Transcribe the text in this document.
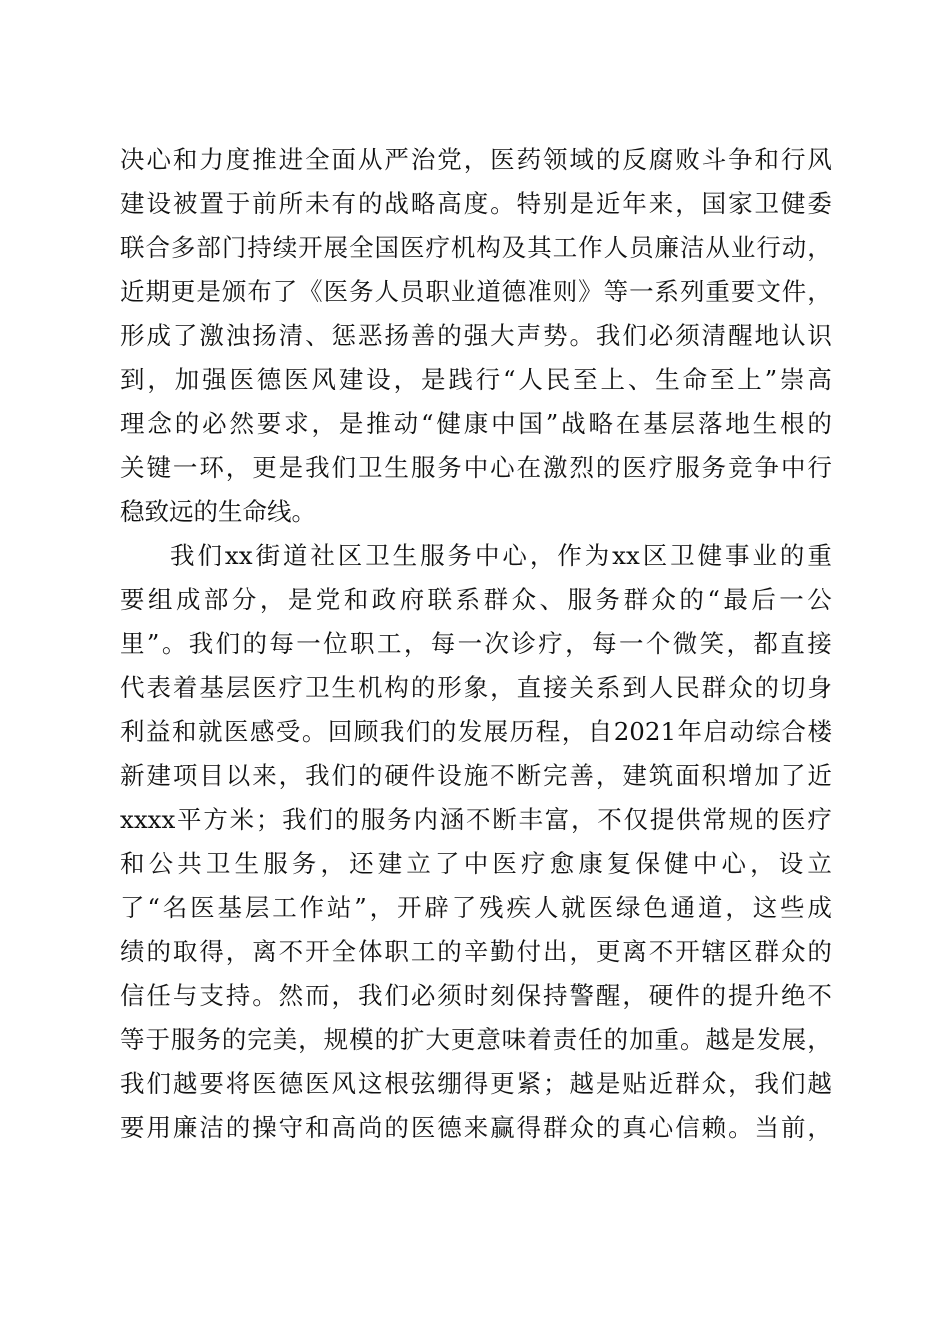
决 心 和 力 度 推 进 全 面 从 严 治 党 ， 医 药 领 域 的 反 腐 败 斗 争 和 行 风
建 设 被 置 于 前 所 未 有 的 战 略 高 度 。 特 别 是 近 年 来 ， 国 家 卫 健 委
联 合 多 部 门 持 续 开 展 全 国 医 疗 机 构 及 其 工 作 人 员 廉 洁 从 业 行 动 ，
近 期 更 是 颁 布 了 《 医 务 人 员 职 业 道 德 准 则 》 等 一 系 列 重 要 文 件 ，
形 成 了 激 浊 扬 清 、 惩 恶 扬 善 的 强 大 声 势 。 我 们 必 须 清 醒 地 认 识
到 ， 加 强 医 德 医 风 建 设 ， 是 践 行 “ 人 民 至 上 、 生 命 至 上 ” 崇 高
理 念 的 必 然 要 求 ， 是 推 动 “ 健 康 中 国 ” 战 略 在 基 层 落 地 生 根 的
关 键 一 环 ， 更 是 我 们 卫 生 服 务 中 心 在 激 烈 的 医 疗 服 务 竞 争 中 行
稳致远的生命线。
我 们 xx 街 道 社 区 卫 生 服 务 中 心 ， 作 为 xx 区 卫 健 事 业 的 重
要 组 成 部 分 ， 是 党 和 政 府 联 系 群 众 、 服 务 群 众 的 “ 最 后 一 公
里 ” 。 我 们 的 每 一 位 职 工 ， 每 一 次 诊 疗 ， 每 一 个 微 笑 ， 都 直 接
代 表 着 基 层 医 疗 卫 生 机 构 的 形 象 ， 直 接 关 系 到 人 民 群 众 的 切 身
利 益 和 就 医 感 受 。 回 顾 我 们 的 发 展 历 程 ， 自 2021 年 启 动 综 合 楼
新 建 项 目 以 来 ， 我 们 的 硬 件 设 施 不 断 完 善 ， 建 筑 面 积 增 加 了 近
xxxx 平 方 米 ； 我 们 的 服 务 内 涵 不 断 丰 富 ， 不 仅 提 供 常 规 的 医 疗
和 公 共 卫 生 服 务 ， 还 建 立 了 中 医 疗 愈 康 复 保 健 中 心 ， 设 立
了 “ 名 医 基 层 工 作 站 ” ， 开 辟 了 残 疾 人 就 医 绿 色 通 道 ， 这 些 成
绩 的 取 得 ， 离 不 开 全 体 职 工 的 辛 勤 付 出 ， 更 离 不 开 辖 区 群 众 的
信 任 与 支 持 。 然 而 ， 我 们 必 须 时 刻 保 持 警 醒 ， 硬 件 的 提 升 绝 不
等 于 服 务 的 完 美 ， 规 模 的 扩 大 更 意 味 着 责 任 的 加 重 。 越 是 发 展 ，
我 们 越 要 将 医 德 医 风 这 根 弦 绷 得 更 紧 ； 越 是 贴 近 群 众 ， 我 们 越
要 用 廉 洁 的 操 守 和 高 尚 的 医 德 来 赢 得 群 众 的 真 心 信 赖 。 当 前 ，
